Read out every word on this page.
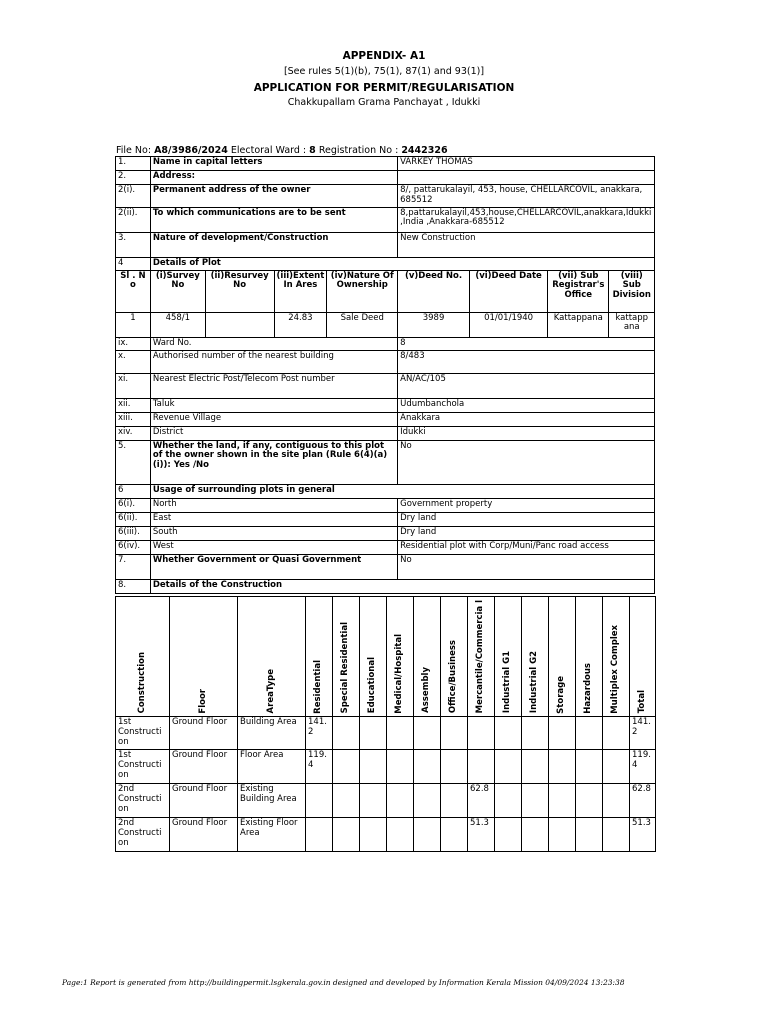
APPENDIX- A1
[See rules 5(1)(b), 75(1), 87(1) and 93(1)]
APPLICATION FOR PERMIT/REGULARISATION
Chakkupallam Grama Panchayat , Idukki
File No: A8/3986/2024 Electoral Ward : 8 Registration No : 2442326
1.	Name in capital letters				VARKEY THOMAS			
2.	Address:							
2(i).	Permanent address of the owner				8/, pattarukalayil, 453, house, CHELLARCOVIL, anakkara, 685512			
2(ii).	To which communications are to be sent				8,pattarukalayil,453,house,CHELLARCOVIL,anakkara,Idukki,India ,Anakkara-685512			
3.	Nature of development/Construction				New Construction			
4	Details of Plot							
Sl . N o	(i)Survey No	(ii)Resurvey No	(iii)Extent In Ares	(iv)Nature Of Ownership	(v)Deed No.	(vi)Deed Date	(vii) Sub Registrar's Office	(viii) Sub Division
1	458/1		24.83	Sale Deed	3989	01/01/1940	Kattappana	kattapp ana
ix.	Ward No.				8			
x.	Authorised number of the nearest building				8/483			
xi.	Nearest Electric Post/Telecom Post number				AN/AC/105			
xii.	Taluk				Udumbanchola			
xiii.	Revenue Village				Anakkara			
xiv.	District				Idukki			
5.	Whether the land, if any, contiguous to this plot of the owner shown in the site plan (Rule 6(4)(a)(i)): Yes /No				No			
6	Usage of surrounding plots in general							
6(i).	North				Government property			
6(ii).	East				Dry land			
6(iii).	South				Dry land			
6(iv).	West				Residential plot with Corp/Muni/Panc road access			
7.	Whether Government or Quasi Government				No			
8.	Details of the Construction							
Construction	Floor	AreaType	Residential	Special Residential	Educational	Medical/Hospital	Assembly	Office/Business	Mercantile/Commercia l	Industrial G1	Industrial G2	Storage	Hazardous	Multiplex Complex	Total

1st Constructi on	Ground Floor	Building Area	141. 2												141. 2
1st Constructi on	Ground Floor	Floor Area	119. 4												119. 4
2nd Constructi on	Ground Floor	Existing Building Area							62.8						62.8
2nd Constructi on	Ground Floor	Existing Floor Area							51.3						51.3
Page:1 Report is generated from http://buildingpermit.lsgkerala.gov.in designed and developed by Information Kerala Mission 04/09/2024 13:23:38
